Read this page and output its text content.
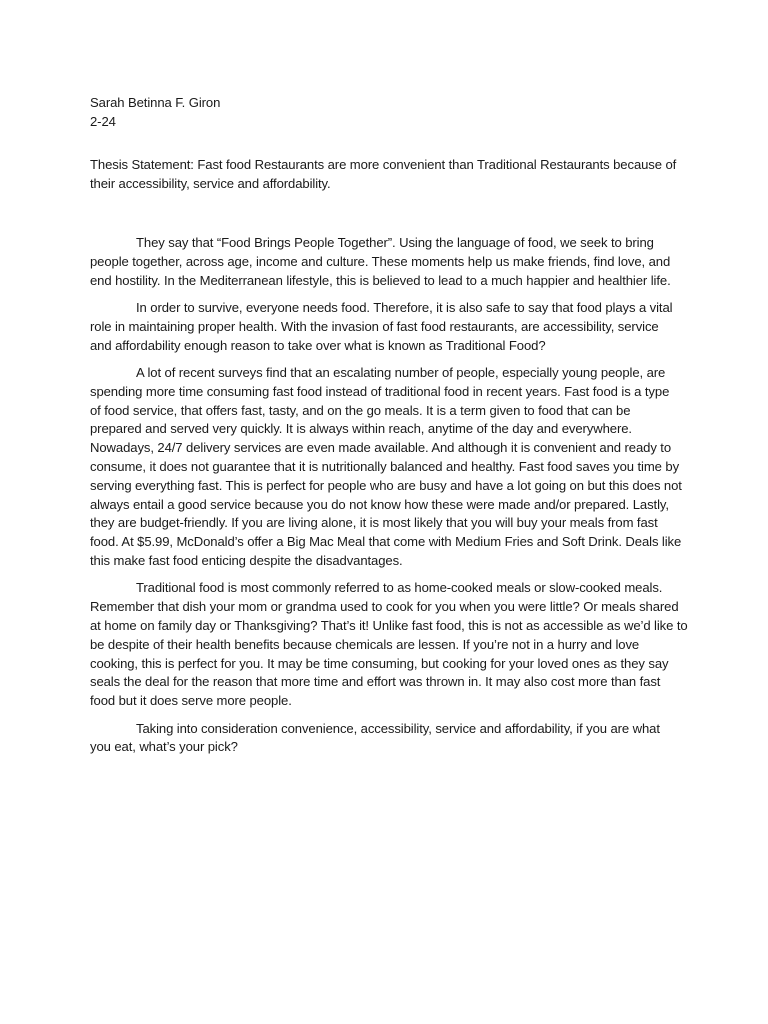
Sarah Betinna F. Giron
2-24
Thesis Statement: Fast food Restaurants are more convenient than Traditional Restaurants because of
their accessibility, service and affordability.
They say that “Food Brings People Together”. Using the language of food, we seek to bring
people together, across age, income and culture. These moments help us make friends, find love, and
end hostility. In the Mediterranean lifestyle, this is believed to lead to a much happier and healthier life.
In order to survive, everyone needs food. Therefore, it is also safe to say that food plays a vital
role in maintaining proper health. With the invasion of fast food restaurants, are accessibility, service
and affordability enough reason to take over what is known as Traditional Food?
A lot of recent surveys find that an escalating number of people, especially young people, are
spending more time consuming fast food instead of traditional food in recent years. Fast food is a type
of food service, that offers fast, tasty, and on the go meals. It is a term given to food that can be
prepared and served very quickly. It is always within reach, anytime of the day and everywhere.
Nowadays, 24/7 delivery services are even made available. And although it is convenient and ready to
consume, it does not guarantee that it is nutritionally balanced and healthy. Fast food saves you time by
serving everything fast. This is perfect for people who are busy and have a lot going on but this does not
always entail a good service because you do not know how these were made and/or prepared. Lastly,
they are budget-friendly. If you are living alone, it is most likely that you will buy your meals from fast
food. At $5.99, McDonald’s offer a Big Mac Meal that come with Medium Fries and Soft Drink. Deals like
this make fast food enticing despite the disadvantages.
Traditional food is most commonly referred to as home-cooked meals or slow-cooked meals.
Remember that dish your mom or grandma used to cook for you when you were little? Or meals shared
at home on family day or Thanksgiving? That’s it! Unlike fast food, this is not as accessible as we’d like to
be despite of their health benefits because chemicals are lessen. If you’re not in a hurry and love
cooking, this is perfect for you. It may be time consuming, but cooking for your loved ones as they say
seals the deal for the reason that more time and effort was thrown in. It may also cost more than fast
food but it does serve more people.
Taking into consideration convenience, accessibility, service and affordability, if you are what
you eat, what’s your pick?
